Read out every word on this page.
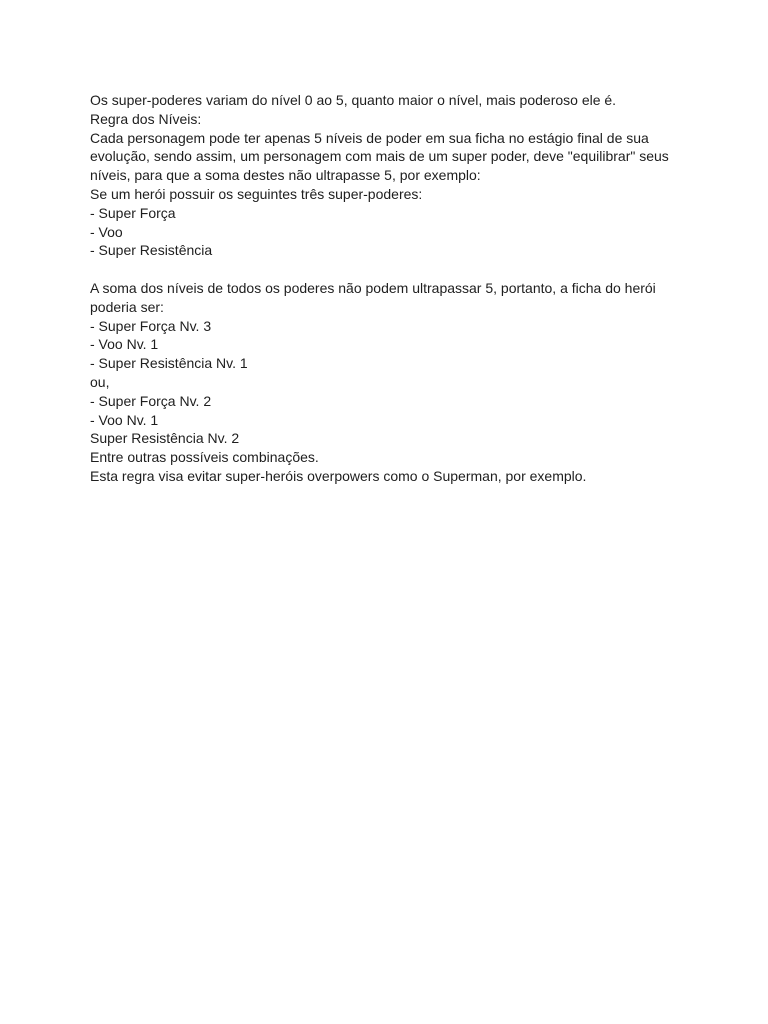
Os super-poderes variam do nível 0 ao 5, quanto maior o nível, mais poderoso ele é.
Regra dos Níveis:
Cada personagem pode ter apenas 5 níveis de poder em sua ficha no estágio final de sua
evolução, sendo assim, um personagem com mais de um super poder, deve "equilibrar" seus
níveis, para que a soma destes não ultrapasse 5, por exemplo:
Se um herói possuir os seguintes três super-poderes:
- Super Força
- Voo
- Super Resistência
A soma dos níveis de todos os poderes não podem ultrapassar 5, portanto, a ficha do herói
poderia ser:
- Super Força Nv. 3
- Voo Nv. 1
- Super Resistência Nv. 1
ou,
- Super Força Nv. 2
- Voo Nv. 1
Super Resistência Nv. 2
Entre outras possíveis combinações.
Esta regra visa evitar super-heróis overpowers como o Superman, por exemplo.
